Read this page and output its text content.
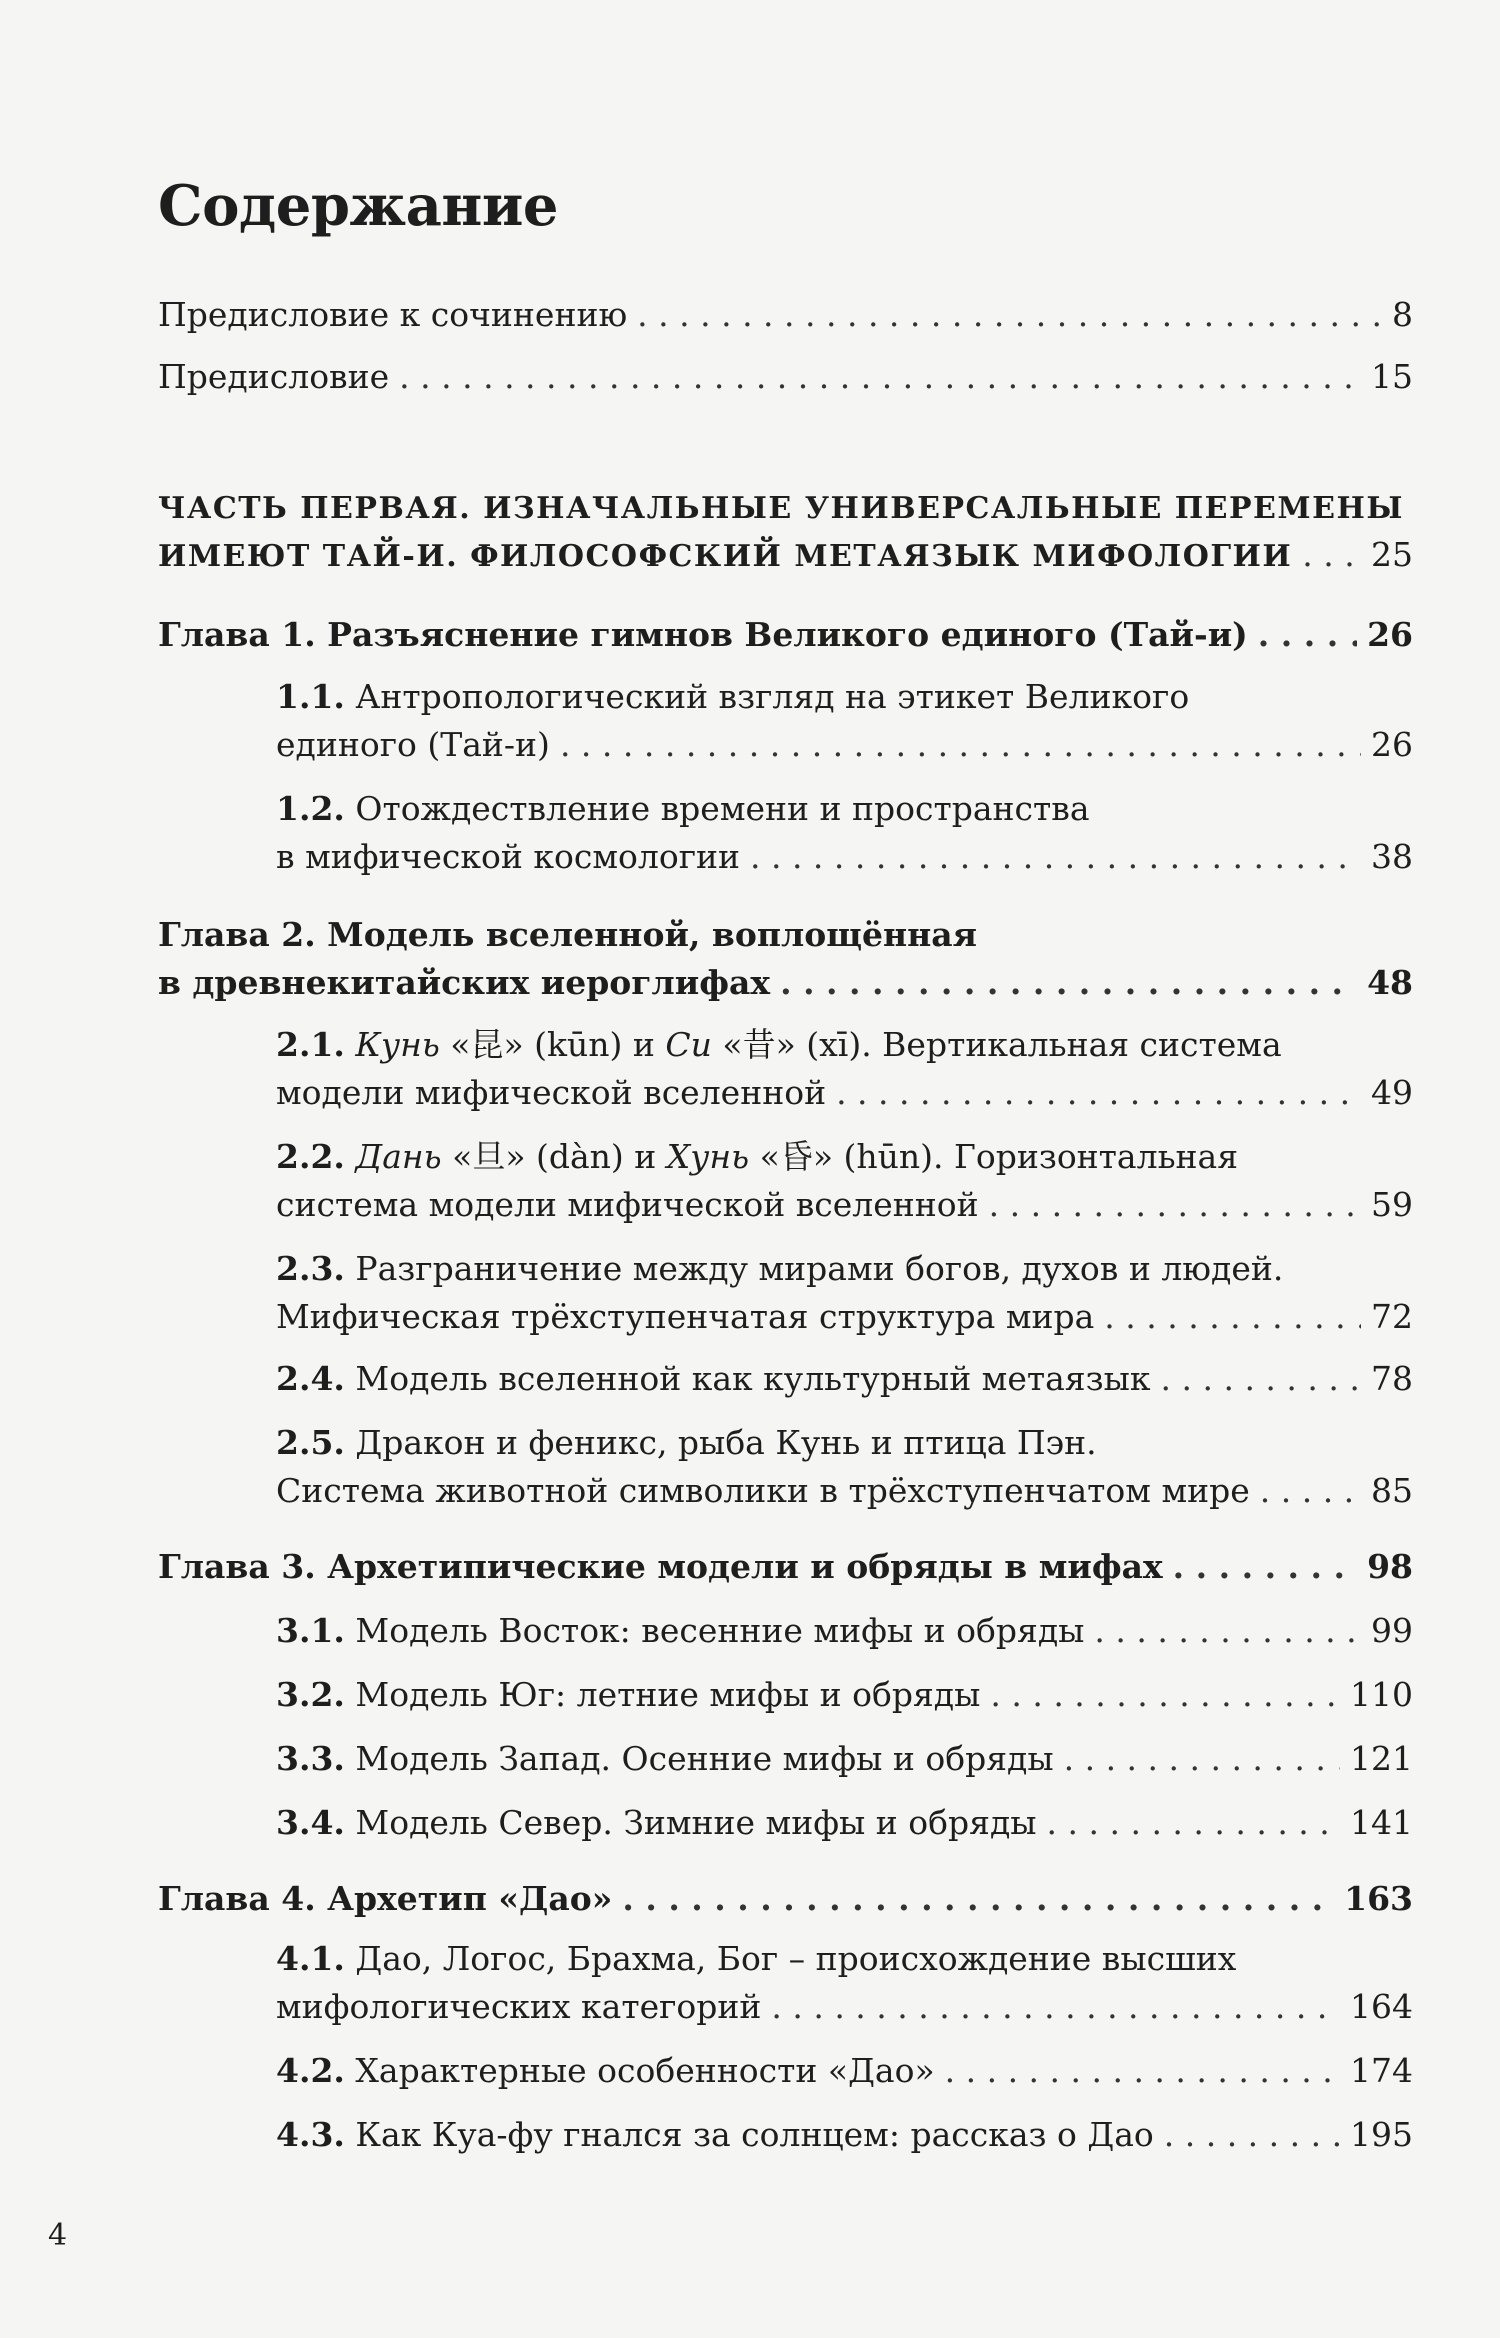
Содержание
Предисловие к сочинению . . .	8
Предисловие . . .	15
ЧАСТЬ ПЕРВАЯ. ИЗНАЧАЛЬНЫЕ УНИВЕРСАЛЬНЫЕ ПЕРЕМЕНЫ
ИМЕЮТ ТАЙ-И. ФИЛОСОФСКИЙ МЕТАЯЗЫК МИФОЛОГИИ . . . 25
Глава 1. Разъяснение гимнов Великого единого (Тай-и) . . .	26
1.1. Антропологический взгляд на этикет Великого
единого (Тай-и) . . .	26
1.2. Отождествление времени и пространства
в мифической космологии . . .	38
Глава 2. Модель вселенной, воплощённая
в древнекитайских иероглифах . . .	48
2.1. Кунь «昆» (kūn) и Си «昔» (xī). Вертикальная система
модели мифической вселенной . . .	49
2.2. Дань «旦» (dàn) и Хунь «昏» (hūn). Горизонтальная
система модели мифической вселенной . . .	59
2.3. Разграничение между мирами богов, духов и людей.
Мифическая трёхступенчатая структура мира . . .	72
2.4. Модель вселенной как культурный метаязык . . .	78
2.5. Дракон и феникс, рыба Кунь и птица Пэн.
Система животной символики в трёхступенчатом мире . . .	85
Глава 3. Архетипические модели и обряды в мифах . . .	98
3.1. Модель Восток: весенние мифы и обряды . . .	99
3.2. Модель Юг: летние мифы и обряды . . .	110
3.3. Модель Запад. Осенние мифы и обряды . . .	121
3.4. Модель Север. Зимние мифы и обряды . . .	141
Глава 4. Архетип «Дао» . . .	163
4.1. Дао, Логос, Брахма, Бог – происхождение высших
мифологических категорий . . .	164
4.2. Характерные особенности «Дао» . . .	174
4.3. Как Куа-фу гнался за солнцем: рассказ о Дао . . .	195
4
